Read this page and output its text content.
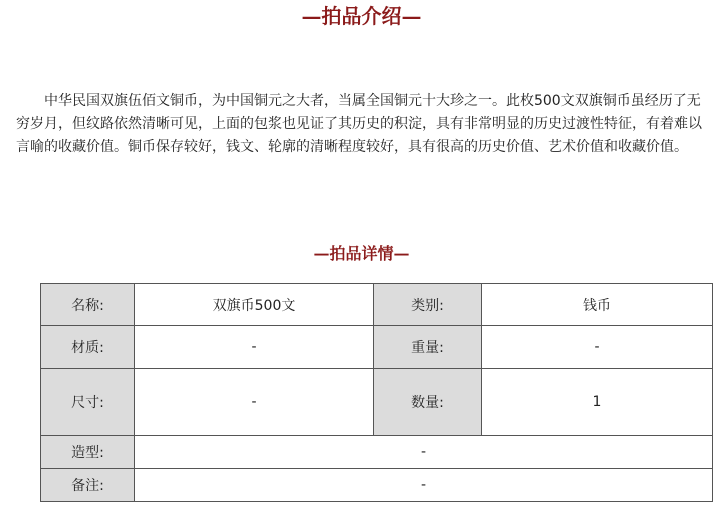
—拍品介绍—

中华民国双旗伍佰文铜币，为中国铜元之大者，当属全国铜元十大珍之一。此枚500文双旗铜币虽经历了无穷岁月，但纹路依然清晰可见，上面的包浆也见证了其历史的积淀，具有非常明显的历史过渡性特征，有着难以言喻的收藏价值。铜币保存较好，钱文、轮廓的清晰程度较好，具有很高的历史价值、艺术价值和收藏价值。

—拍品详情—
名称:	双旗币500文	类别:	钱币
材质:	-	重量:	-
尺寸:	-	数量:	1
造型:	-		
备注:	-		
